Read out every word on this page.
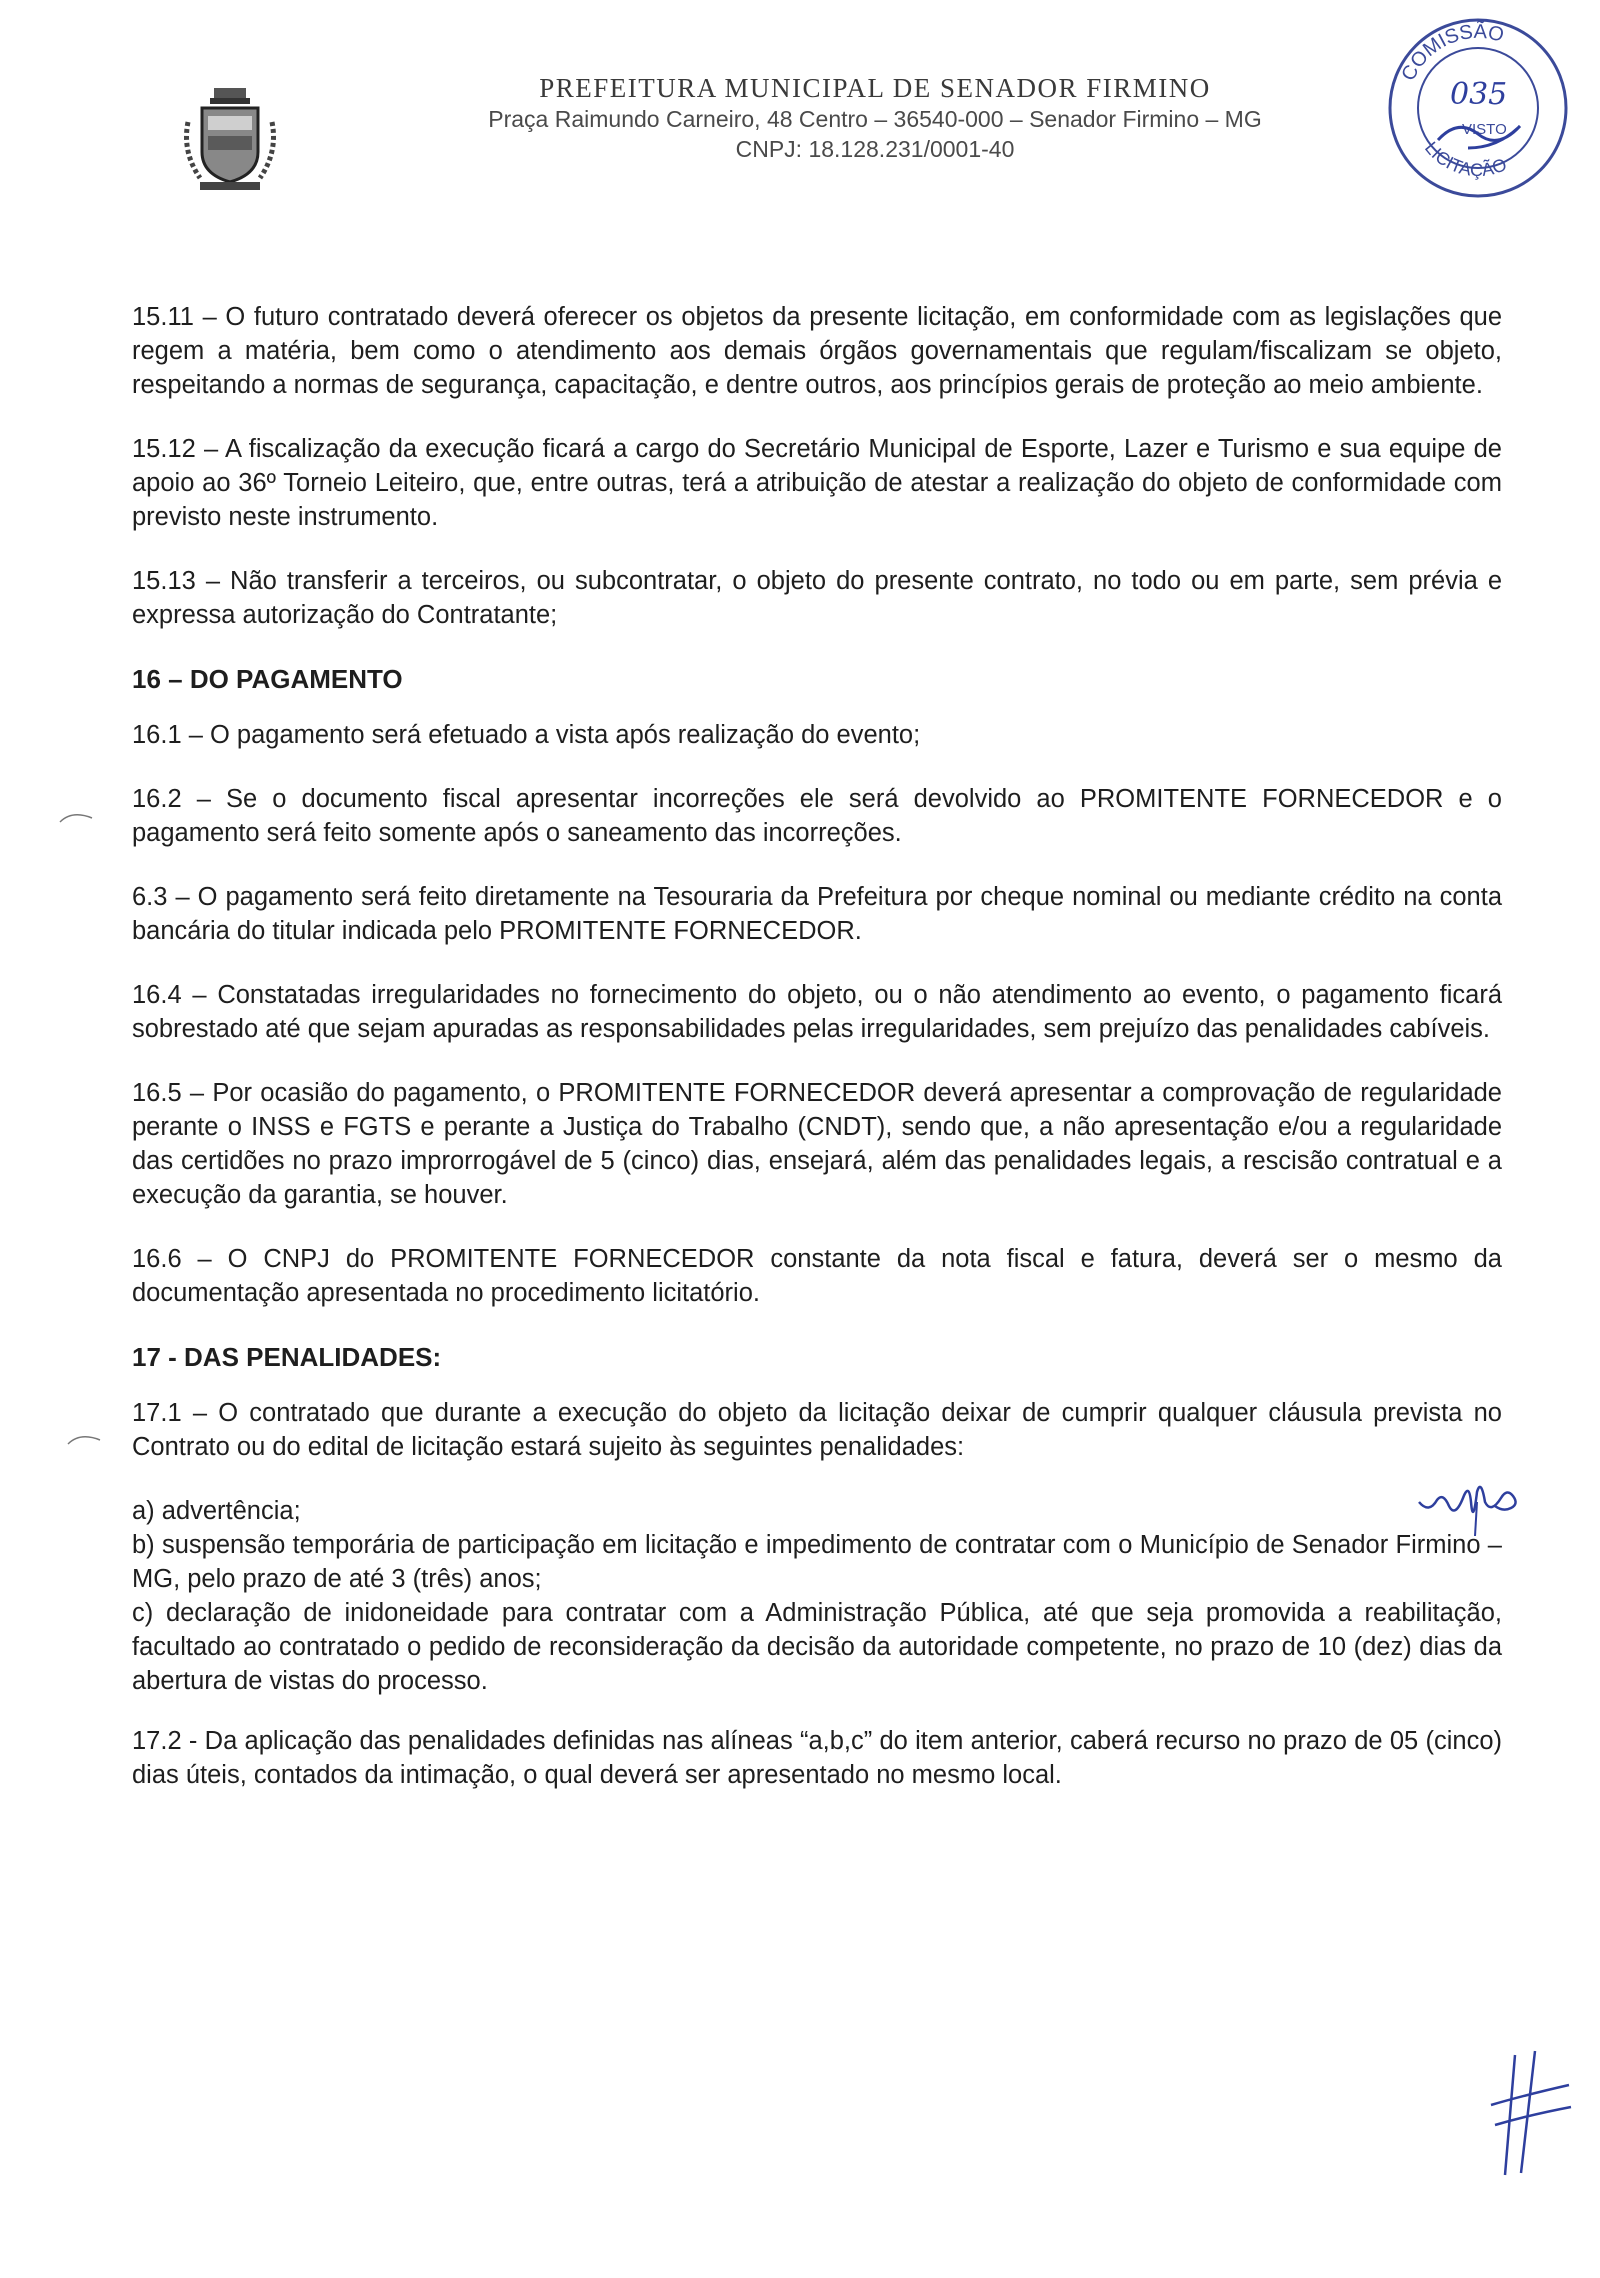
PREFEITURA MUNICIPAL DE SENADOR FIRMINO
Praça Raimundo Carneiro, 48 Centro – 36540-000 – Senador Firmino – MG
CNPJ: 18.128.231/0001-40
COMISSÃO
LICITAÇÃO
035
VISTO

15.11 – O futuro contratado deverá oferecer os objetos da presente licitação, em conformidade com as legislações que regem a matéria, bem como o atendimento aos demais órgãos governamentais que regulam/fiscalizam se objeto, respeitando a normas de segurança, capacitação, e dentre outros, aos princípios gerais de proteção ao meio ambiente.

15.12 – A fiscalização da execução ficará a cargo do Secretário Municipal de Esporte, Lazer e Turismo e sua equipe de apoio ao 36º Torneio Leiteiro, que, entre outras, terá a atribuição de atestar a realização do objeto de conformidade com previsto neste instrumento.

15.13 – Não transferir a terceiros, ou subcontratar, o objeto do presente contrato, no todo ou em parte, sem prévia e expressa autorização do Contratante;

16 – DO PAGAMENTO

16.1 – O pagamento será efetuado a vista após realização do evento;

16.2 – Se o documento fiscal apresentar incorreções ele será devolvido ao PROMITENTE FORNECEDOR e o pagamento será feito somente após o saneamento das incorreções.

6.3 – O pagamento será feito diretamente na Tesouraria da Prefeitura por cheque nominal ou mediante crédito na conta bancária do titular indicada pelo PROMITENTE FORNECEDOR.

16.4 – Constatadas irregularidades no fornecimento do objeto, ou o não atendimento ao evento, o pagamento ficará sobrestado até que sejam apuradas as responsabilidades pelas irregularidades, sem prejuízo das penalidades cabíveis.

16.5 – Por ocasião do pagamento, o PROMITENTE FORNECEDOR deverá apresentar a comprovação de regularidade perante o INSS e FGTS e perante a Justiça do Trabalho (CNDT), sendo que, a não apresentação e/ou a regularidade das certidões no prazo improrrogável de 5 (cinco) dias, ensejará, além das penalidades legais, a rescisão contratual e a execução da garantia, se houver.

16.6 – O CNPJ do PROMITENTE FORNECEDOR constante da nota fiscal e fatura, deverá ser o mesmo da documentação apresentada no procedimento licitatório.

17 - DAS PENALIDADES:

17.1 – O contratado que durante a execução do objeto da licitação deixar de cumprir qualquer cláusula prevista no Contrato ou do edital de licitação estará sujeito às seguintes penalidades:

a) advertência;
b) suspensão temporária de participação em licitação e impedimento de contratar com o Município de Senador Firmino – MG, pelo prazo de até 3 (três) anos;
c) declaração de inidoneidade para contratar com a Administração Pública, até que seja promovida a reabilitação, facultado ao contratado o pedido de reconsideração da decisão da autoridade competente, no prazo de 10 (dez) dias da abertura de vistas do processo.

17.2 - Da aplicação das penalidades definidas nas alíneas “a,b,c” do item anterior, caberá recurso no prazo de 05 (cinco) dias úteis, contados da intimação, o qual deverá ser apresentado no mesmo local.
